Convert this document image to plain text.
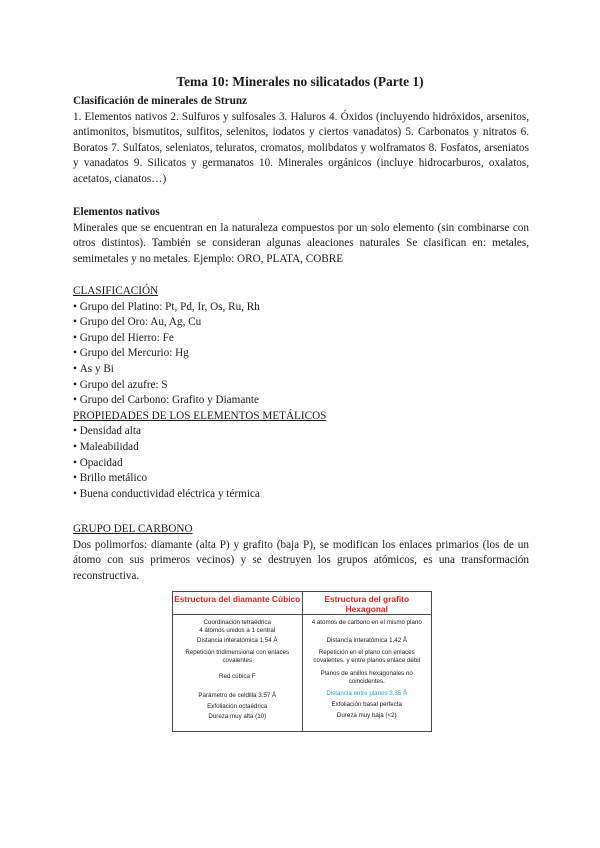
Tema 10: Minerales no silicatados (Parte 1)

Clasificación de minerales de Strunz

1. Elementos nativos 2. Sulfuros y sulfosales 3. Haluros 4. Óxidos (incluyendo hidróxidos, arsenitos, antimonitos, bismutitos, sulfitos, selenitos, iodatos y ciertos vanadatos) 5. Carbonatos y nitratos 6. Boratos 7. Sulfatos, seleniatos, teluratos, cromatos, molibdatos y wolframatos 8. Fosfatos, arseniatos y vanadatos 9. Silicatos y germanatos 10. Minerales orgánicos (incluye hidrocarburos, oxalatos, acetatos, cianatos…)

Elementos nativos

Minerales que se encuentran en la naturaleza compuestos por un solo elemento (sin combinarse con otros distintos). También se consideran algunas aleaciones naturales Se clasifican en: metales, semimetales y no metales. Ejemplo: ORO, PLATA, COBRE

CLASIFICACIÓN

• Grupo del Platino: Pt, Pd, Ir, Os, Ru, Rh
• Grupo del Oro: Au, Ag, Cu
• Grupo del Hierro: Fe
• Grupo del Mercurio: Hg
• As y Bi
• Grupo del azufre: S
• Grupo del Carbono: Grafito y Diamante

PROPIEDADES DE LOS ELEMENTOS METÁLICOS

• Densidad alta
• Maleabilidad
• Opacidad
• Brillo metálico
• Buena conductividad eléctrica y térmica

GRUPO DEL CARBONO

Dos polimorfos: diamante (alta P) y grafito (baja P), se modifican los enlaces primarios (los de un átomo con sus primeros vecinos) y se destruyen los grupos atómicos, es una transformación reconstructiva.

Estructura del diamante Cúbico
Coordinación tetraédrica
4 átomos unidos a 1 central
Distancia interatómica 1,54 Å
Repetición tridimensional con enlaces covalentes
Red cúbica F
Parámetro de celdilla 3.57 Å
Exfoliación octaédrica
Dureza muy alta (10)
Estructura del grafito Hexagonal
4 átomos de carbono en el mismo plano
Distancia interatómica 1,42 Å
Repetición en el plano con enlaces covalentes. y entre planos enlace débil
Planos de anillos hexagonales no coincidentes.
Distancia entre planos 3,35 Å
Exfoliación basal perfecta
Dureza muy baja (<2)
